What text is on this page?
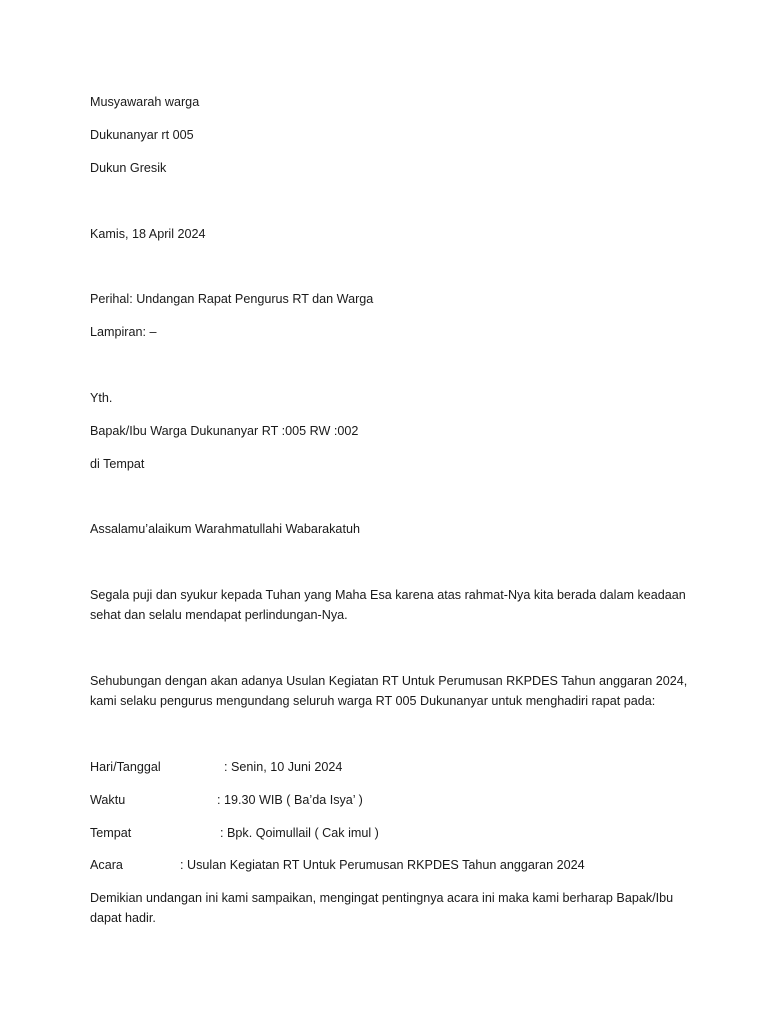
Musyawarah warga
Dukunanyar rt 005
Dukun Gresik
Kamis, 18 April 2024
Perihal: Undangan Rapat Pengurus RT dan Warga
Lampiran: –
Yth.
Bapak/Ibu Warga Dukunanyar RT :005 RW :002
di Tempat
Assalamu’alaikum Warahmatullahi Wabarakatuh
Segala puji dan syukur kepada Tuhan yang Maha Esa karena atas rahmat-Nya kita berada dalam keadaan sehat dan selalu mendapat perlindungan-Nya.
Sehubungan dengan akan adanya Usulan Kegiatan RT Untuk Perumusan RKPDES Tahun anggaran 2024, kami selaku pengurus mengundang seluruh warga RT 005 Dukunanyar untuk menghadiri rapat pada:
Hari/Tanggal	: Senin, 10 Juni 2024
Waktu	: 19.30 WIB ( Ba’da Isya’ )
Tempat	: Bpk. Qoimullail ( Cak imul )
Acara	: Usulan Kegiatan RT Untuk Perumusan RKPDES Tahun anggaran 2024
Demikian undangan ini kami sampaikan, mengingat pentingnya acara ini maka kami berharap Bapak/Ibu dapat hadir.
